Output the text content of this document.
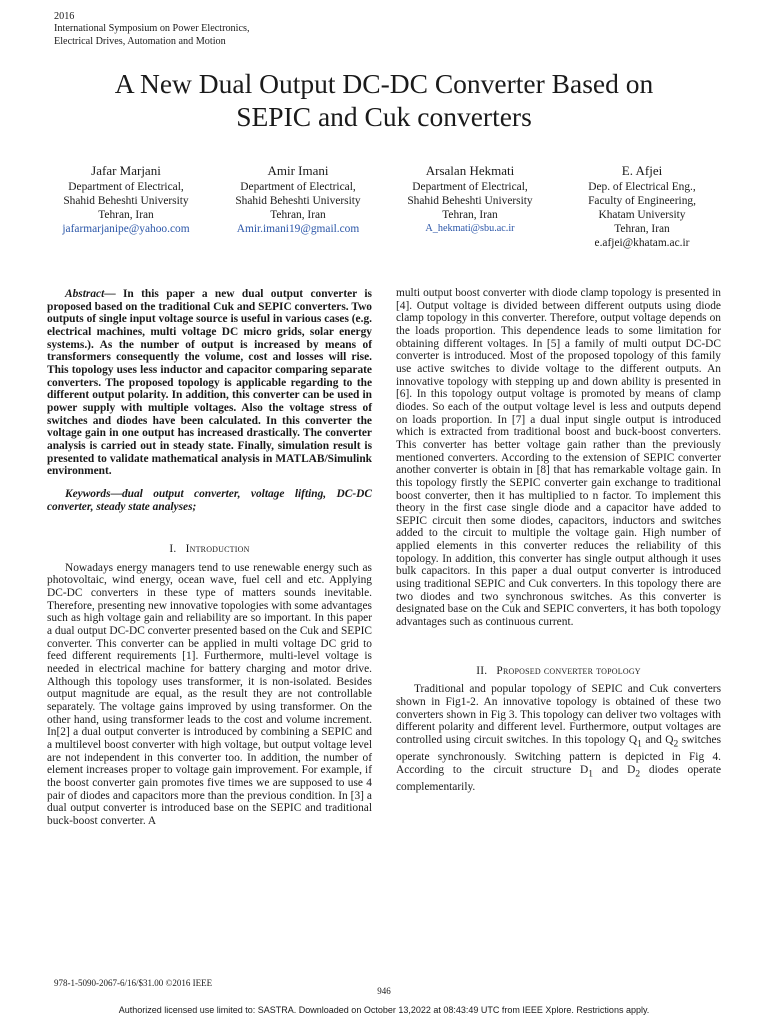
2016
International Symposium on Power Electronics,
Electrical Drives, Automation and Motion
A New Dual Output DC-DC Converter Based on
SEPIC and Cuk converters
Jafar Marjani
Department of Electrical,
Shahid Beheshti University
Tehran, Iran
jafarmarjanipe@yahoo.com
Amir Imani
Department of Electrical,
Shahid Beheshti University
Tehran, Iran
Amir.imani19@gmail.com
Arsalan Hekmati
Department of Electrical,
Shahid Beheshti University
Tehran, Iran
A_hekmati@sbu.ac.ir
E. Afjei
Dep. of Electrical Eng.,
Faculty of Engineering,
Khatam University
Tehran, Iran
e.afjei@khatam.ac.ir

Abstract— In this paper a new dual output converter is proposed based on the traditional Cuk and SEPIC converters. Two outputs of single input voltage source is useful in various cases (e.g. electrical machines, multi voltage DC micro grids, solar energy systems.). As the number of output is increased by means of transformers consequently the volume, cost and losses will rise. This topology uses less inductor and capacitor comparing separate converters. The proposed topology is applicable regarding to the different output polarity. In addition, this converter can be used in power supply with multiple voltages. Also the voltage stress of switches and diodes have been calculated. In this converter the voltage gain in one output has increased drastically. The converter analysis is carried out in steady state. Finally, simulation result is presented to validate mathematical analysis in MATLAB/Simulink environment.

Keywords—dual output converter, voltage lifting, DC-DC converter, steady state analyses;

I. Introduction

Nowadays energy managers tend to use renewable energy such as photovoltaic, wind energy, ocean wave, fuel cell and etc. Applying DC-DC converters in these type of matters sounds inevitable. Therefore, presenting new innovative topologies with some advantages such as high voltage gain and reliability are so important. In this paper a dual output DC-DC converter presented based on the Cuk and SEPIC converter. This converter can be applied in multi voltage DC grid to feed different requirements [1]. Furthermore, multi-level voltage is needed in electrical machine for battery charging and motor drive. Although this topology uses transformer, it is non-isolated. Besides output magnitude are equal, as the result they are not controllable separately. The voltage gains improved by using transformer. On the other hand, using transformer leads to the cost and volume increment. In[2] a dual output converter is introduced by combining a SEPIC and a multilevel boost converter with high voltage, but output voltage level are not independent in this converter too. In addition, the number of element increases proper to voltage gain improvement. For example, if the boost converter gain promotes five times we are supposed to use 4 pair of diodes and capacitors more than the previous condition. In [3] a dual output converter is introduced base on the SEPIC and traditional buck-boost converter. A

multi output boost converter with diode clamp topology is presented in [4]. Output voltage is divided between different outputs using diode clamp topology in this converter. Therefore, output voltage depends on the loads proportion. This dependence leads to some limitation for obtaining different voltages. In [5] a family of multi output DC-DC converter is introduced. Most of the proposed topology of this family use active switches to divide voltage to the different outputs. An innovative topology with stepping up and down ability is presented in [6]. In this topology output voltage is promoted by means of clamp diodes. So each of the output voltage level is less and outputs depend on loads proportion. In [7] a dual input single output is introduced which is extracted from traditional boost and buck-boost converters. This converter has better voltage gain rather than the previously mentioned converters. According to the extension of SEPIC converter another converter is obtain in [8] that has remarkable voltage gain. In this topology firstly the SEPIC converter gain exchange to traditional boost converter, then it has multiplied to n factor. To implement this theory in the first case single diode and a capacitor have added to SEPIC circuit then some diodes, capacitors, inductors and switches added to the circuit to multiple the voltage gain. High number of applied elements in this converter reduces the reliability of this topology. In addition, this converter has single output although it uses bulk capacitors. In this paper a dual output converter is introduced using traditional SEPIC and Cuk converters. In this topology there are two diodes and two synchronous switches. As this converter is designated base on the Cuk and SEPIC converters, it has both topology advantages such as continuous current.

II. Proposed converter topology

Traditional and popular topology of SEPIC and Cuk converters shown in Fig1-2. An innovative topology is obtained of these two converters shown in Fig 3. This topology can deliver two voltages with different polarity and different level. Furthermore, output voltages are controlled using circuit switches. In this topology $Q_1$ and $Q_2$ switches operate synchronously. Switching pattern is depicted in Fig 4. According to the circuit structure $D_1$ and $D_2$ diodes operate complementarily.

978-1-5090-2067-6/16/$31.00 ©2016 IEEE
946
Authorized licensed use limited to: SASTRA. Downloaded on October 13,2022 at 08:43:49 UTC from IEEE Xplore. Restrictions apply.
